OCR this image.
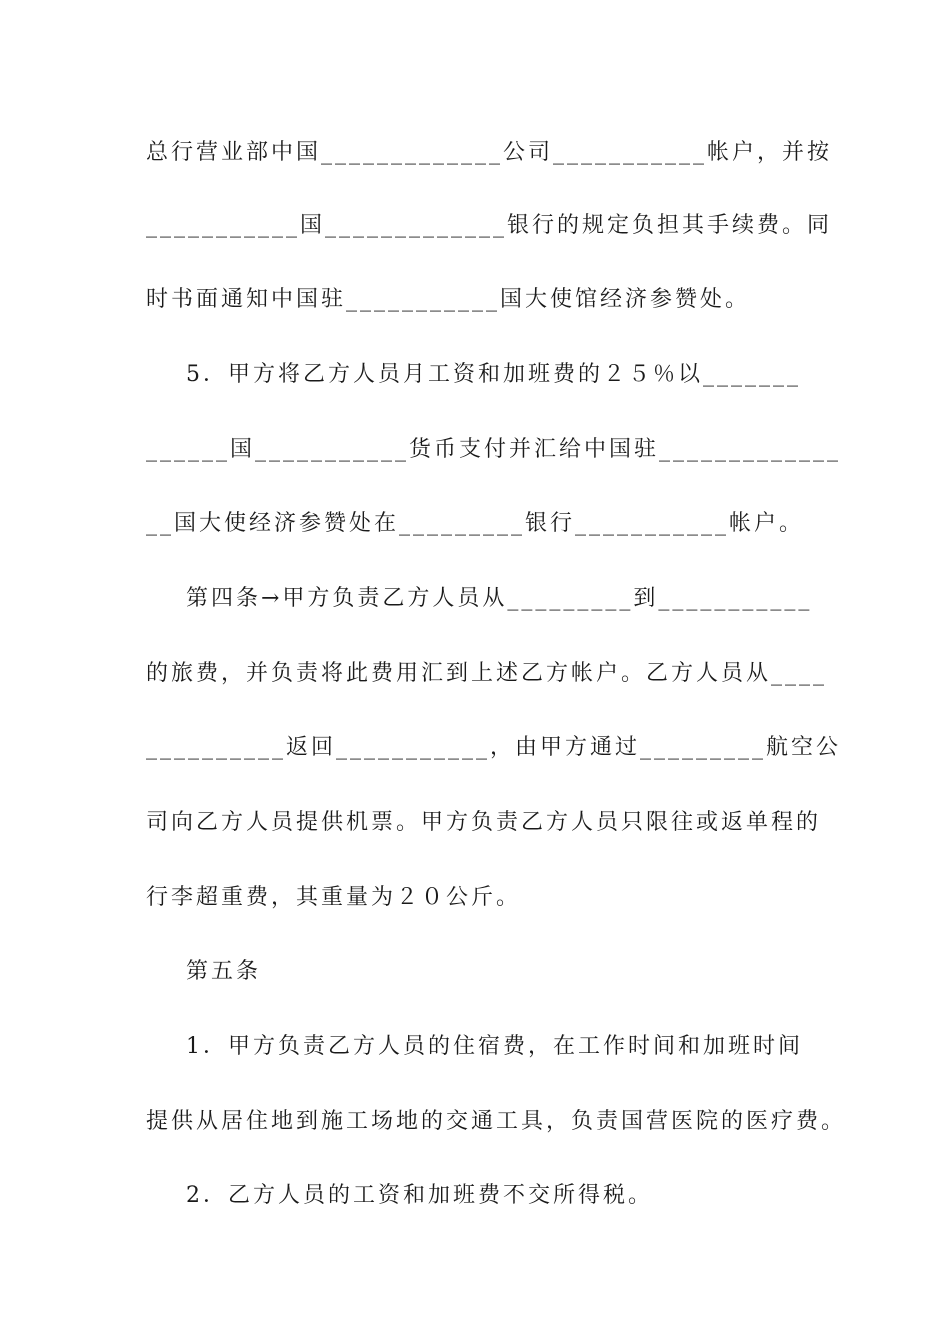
总行营业部中国_____________公司___________帐户，并按
___________国_____________银行的规定负担其手续费。同
时书面通知中国驻___________国大使馆经济参赞处。
5．甲方将乙方人员月工资和加班费的２５％以_______
______国___________货币支付并汇给中国驻_____________
__国大使经济参赞处在_________银行___________帐户。
第四条→甲方负责乙方人员从_________到___________
的旅费，并负责将此费用汇到上述乙方帐户。乙方人员从____
__________返回___________，由甲方通过_________航空公
司向乙方人员提供机票。甲方负责乙方人员只限往或返单程的
行李超重费，其重量为２０公斤。
第五条
1．甲方负责乙方人员的住宿费，在工作时间和加班时间
提供从居住地到施工场地的交通工具，负责国营医院的医疗费。
2．乙方人员的工资和加班费不交所得税。
